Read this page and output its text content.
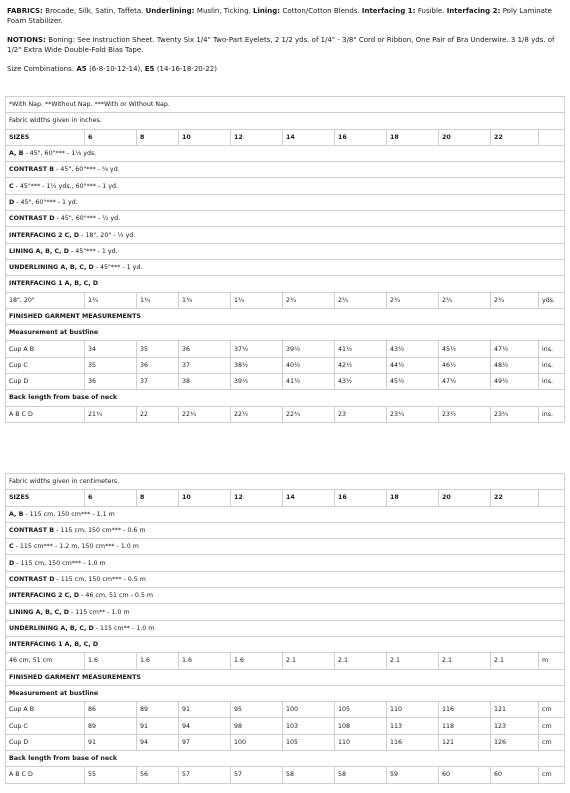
FABRICS: Brocade, Silk, Satin, Taffeta. Underlining: Muslin, Ticking. Lining: Cotton/Cotton Blends. Interfacing 1: Fusible. Interfacing 2: Poly Laminate Foam Stabilizer.

NOTIONS: Boning: See Instruction Sheet. Twenty Six 1/4" Two-Part Eyelets, 2 1/2 yds. of 1/4" - 3/8" Cord or Ribbon, One Pair of Bra Underwire. 3 1/8 yds. of 1/2" Extra Wide Double-Fold Bias Tape.

Size Combinations: A5 (6-8-10-12-14), E5 (14-16-18-20-22)

*With Nap. **Without Nap. ***With or Without Nap.										
Fabric widths given in inches.										
SIZES	6	8	10	12	14	16	18	20	22	
A, B - 45", 60"*** - 1⅛ yds.										
CONTRAST B - 45", 60"*** - ⅝ yd.										
C - 45"*** - 1¼ yds., 60"*** - 1 yd.										
D - 45", 60"*** - 1 yd.										
CONTRAST D - 45", 60"*** - ½ yd.										
INTERFACING 2 C, D - 18", 20" - ½ yd.										
LINING A, B, C, D - 45"*** - 1 yd.										
UNDERLINING A, B, C, D - 45"*** - 1 yd.										
INTERFACING 1 A, B, C, D										
18", 20"	1¾	1¾	1¾	1¾	2¼	2¼	2¼	2¼	2¼	yds.
FINISHED GARMENT MEASUREMENTS										
Measurement at bustline										
Cup A B	34	35	36	37½	39½	41½	43½	45½	47½	ins.
Cup C	35	36	37	38½	40½	42½	44½	46½	48½	ins.
Cup D	36	37	38	39½	41½	43½	45½	47½	49½	ins.
Back length from base of neck										
A B C D	21¾	22	22¼	22½	22¾	23	23¼	23½	23¾	ins.
Fabric widths given in centimeters.										
SIZES	6	8	10	12	14	16	18	20	22	
A, B - 115 cm, 150 cm*** - 1.1 m										
CONTRAST B - 115 cm, 150 cm*** - 0.6 m										
C - 115 cm*** - 1.2 m, 150 cm*** - 1.0 m										
D - 115 cm, 150 cm*** - 1.0 m										
CONTRAST D - 115 cm, 150 cm*** - 0.5 m										
INTERFACING 2 C, D - 46 cm, 51 cm - 0.5 m										
LINING A, B, C, D - 115 cm** - 1.0 m										
UNDERLINING A, B, C, D - 115 cm** - 1.0 m										
INTERFACING 1 A, B, C, D										
46 cm, 51 cm	1.6	1.6	1.6	1.6	2.1	2.1	2.1	2.1	2.1	m
FINISHED GARMENT MEASUREMENTS										
Measurement at bustline										
Cup A B	86	89	91	95	100	105	110	116	121	cm
Cup C	89	91	94	98	103	108	113	118	123	cm
Cup D	91	94	97	100	105	110	116	121	126	cm
Back length from base of neck										
A B C D	55	56	57	57	58	58	59	60	60	cm
